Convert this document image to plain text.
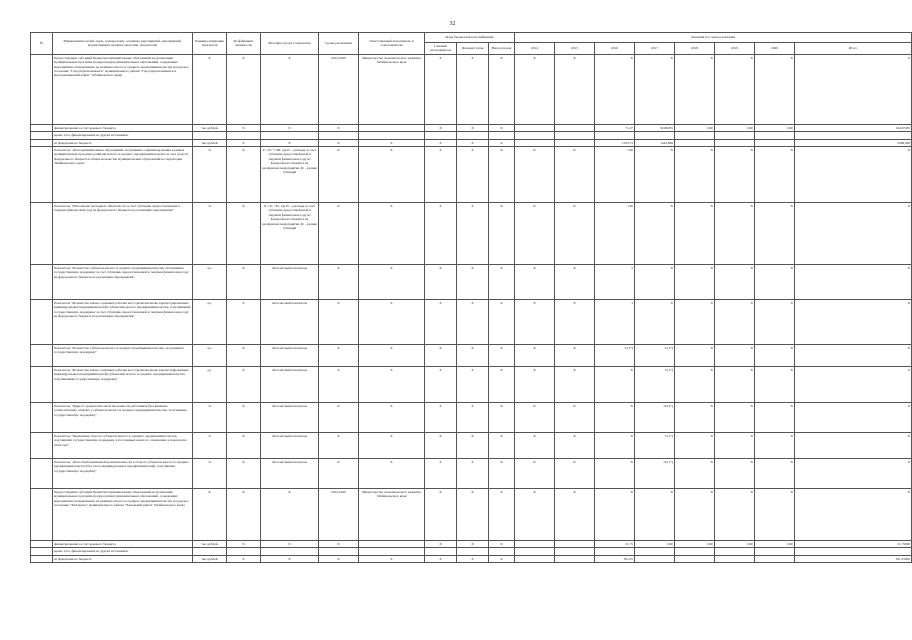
32
№	Наименование целей, задач, подпрограмм, основных мероприятий, мероприятий, ведомственных целевых программ, показателей	Единица измерения показателя	Коэффициент значимости	Методика расчета показателя	Сроки реализации	Ответственный исполнитель и соисполнители	Коды бюджетной классификации			Значения по годам реализации							
							Главный распорядитель	Целевая статья	Вид расходов	2014	2015	2016	2017	2018	2019	2020	Итого
	Предоставление субсидий бюджетам муниципальных образований на реализацию муниципальных программ (подпрограмм) муниципальных образований, содержащих мероприятия, направленные на развитие малого и среднего предпринимательства (городское поселение "Город Краснокаменск" муниципального района "Город Краснокаменск и Краснокаменский район" Забайкальского края)	X	X	X	2014-2020	Министерство экономического развития Забайкальского края	X	X	X	X	X	X	X	X	X	X	X
	финансирование за счет краевого бюджета	тыс.рублей	X	X	X		X	X	X			71,27	92,80455	0,00	0,00	0,00	164,07455
	кроме того, финансирование из других источников:																
	из федерального бюджета	тыс.рублей	X	X	X	X	X	X	X			1353,73	1242,869				2596,599
	Показатель "Доля муниципальных образований, получивших софинансирование в рамках муниципальных программ развития малого и среднего предпринимательства за счет средств федерального бюджета в общем количестве муниципальных образований на территории Забайкальского края"	%	X	P = Pс * 100, где Pс - расходы за счет субсидии, предоставленной в текущем финансовом году из федерального бюджета на реализацию мероприятия, Pо - размер субсидии	X	X	X	X	X	X	X	100	X	X	X	X	X
	Показатель "Исполнение расходных обязательств за счет субсидии, предоставленной в текущем финансовом году из федерального бюджета на реализацию мероприятия"	%	X	P = Pс / Pо, где Pс - расходы за счет субсидии, предоставленной в текущем финансовом году из федерального бюджета на реализацию мероприятия, Pо - размер субсидии	X	X	X	X	X	X	X	100	X	X	X	X	X
	Показатель "Количество субъектов малого и среднего предпринимательства, получивших государственную поддержку за счет субсидии, предоставленной в текущем финансовом году из федерального бюджета на реализацию мероприятия"	ед.	X	Абсолютный показатель	X	X	X	X	X	X	X	5	X	X	X	X	X
	Показатель "Количество вновь созданных рабочих мест (включая вновь зарегистрированных индивидуальных предпринимателей) субъектами малого предпринимательства, получившими государственную поддержку за счет субсидии, предоставленной в текущем финансовом году из федерального бюджета на реализацию мероприятия"	ед.	X	Абсолютный показатель	X	X	X	X	X	X	X	3	X	X	X	X	X
	Показатель "Количество субъектов малого и среднего предпринимательства, получивших государственную поддержку"	ед.	X	Абсолютный показатель	X	X	X	X	X	X	X	9 (1*)	6 (1*)	X	X	X	X
	Показатель "Количество вновь созданных рабочих мест (включая вновь зарегистрированных индивидуальных предпринимателей) субъектами малого и среднего предпринимательства, получившими государственную поддержку"	ед.	X	Абсолютный показатель	X	X	X	X	X	X	X	X	3 (1*)	X	X	X	X
	Показатель "Прирост среднесписочной численности работников (без внешних совместителей), занятых у субъектов малого и среднего предпринимательства, получивших государственную поддержку"	%	X	Абсолютный показатель	X	X	X	X	X	X	X	X	19 (2*)	X	X	X	X
	Показатель "Увеличение оборота субъектов малого и среднего предпринимательства, получивших государственную поддержку, в постоянных ценах по отношению к показателю 2014 года"	%	X	Абсолютный показатель	X	X	X	X	X	X	X	X	5 (1*)	X	X	X	X
	Показатель "Доля обрабатывающей промышленности в обороте субъектов малого и среднего предпринимательства (без учета индивидуальных предпринимателей), получивших государственную поддержку"	%	X	Абсолютный показатель	X	X	X	X	X	X	X	X	19 (1*)	X	X	X	X
	Предоставление субсидий бюджетам муниципальных образований на реализацию муниципальных программ (подпрограмм) муниципальных образований, содержащих мероприятия, направленные на развитие малого и среднего предпринимательства (городское поселение "Хилокское" муниципального района "Хилокский район" Забайкальского края)	X	X	X	2014-2020	Министерство экономического развития Забайкальского края	X	X	X	X	X	X	X	X	X	X	X
	финансирование за счет краевого бюджета	тыс.рублей	X	X	X		X	X	X			21,75	0,00	0,00	0,00	0,00	21,75000
	кроме того, финансирование из других источников:																
	из федерального бюджета	тыс.рублей	X	X	X	X	X	X	X			391,25					391,25000
